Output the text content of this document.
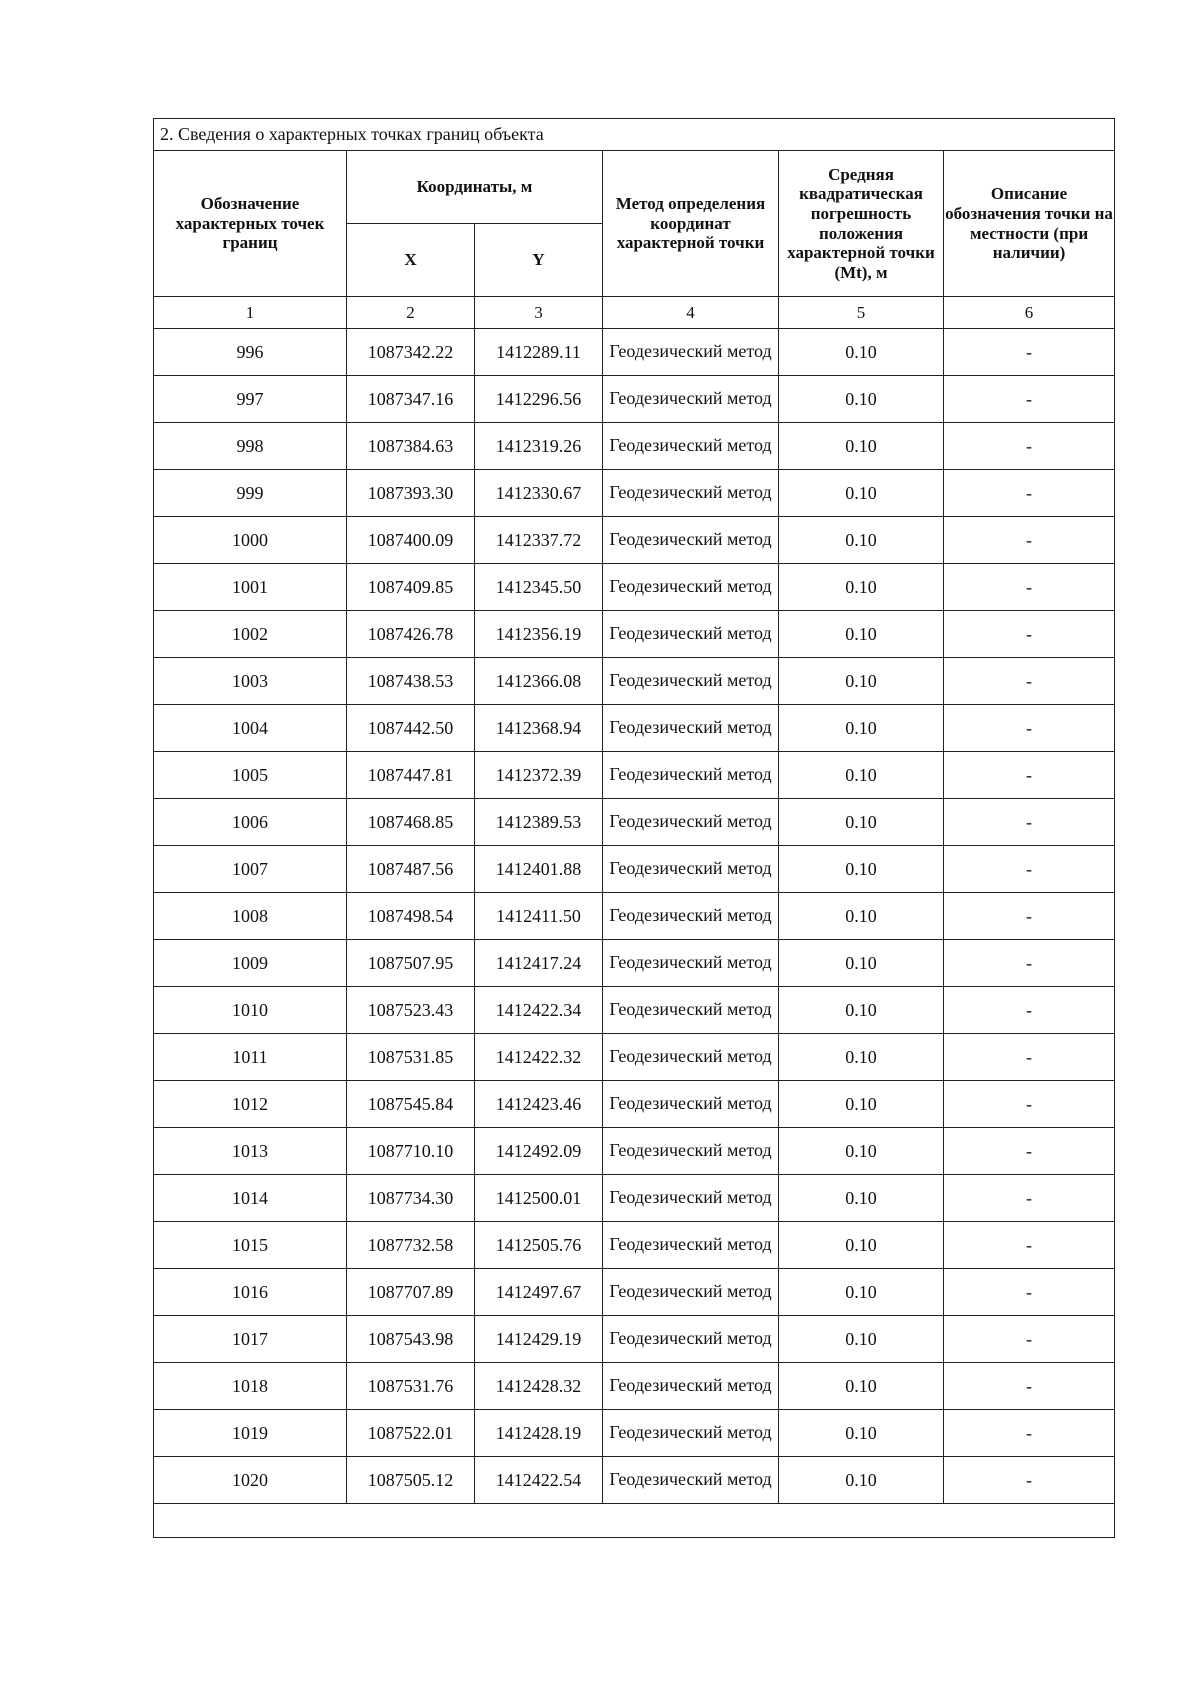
2. Сведения о характерных точках границ объекта					
Обозначение характерных точек границ	Координаты, м		Метод определения координат характерной точки	Средняя квадратическая погрешность положения характерной точки (Mt), м	Описание обозначения точки на местности (при наличии)
	X	Y			
1	2	3	4	5	6
996	1087342.22	1412289.11	Геодезический метод	0.10	-
997	1087347.16	1412296.56	Геодезический метод	0.10	-
998	1087384.63	1412319.26	Геодезический метод	0.10	-
999	1087393.30	1412330.67	Геодезический метод	0.10	-
1000	1087400.09	1412337.72	Геодезический метод	0.10	-
1001	1087409.85	1412345.50	Геодезический метод	0.10	-
1002	1087426.78	1412356.19	Геодезический метод	0.10	-
1003	1087438.53	1412366.08	Геодезический метод	0.10	-
1004	1087442.50	1412368.94	Геодезический метод	0.10	-
1005	1087447.81	1412372.39	Геодезический метод	0.10	-
1006	1087468.85	1412389.53	Геодезический метод	0.10	-
1007	1087487.56	1412401.88	Геодезический метод	0.10	-
1008	1087498.54	1412411.50	Геодезический метод	0.10	-
1009	1087507.95	1412417.24	Геодезический метод	0.10	-
1010	1087523.43	1412422.34	Геодезический метод	0.10	-
1011	1087531.85	1412422.32	Геодезический метод	0.10	-
1012	1087545.84	1412423.46	Геодезический метод	0.10	-
1013	1087710.10	1412492.09	Геодезический метод	0.10	-
1014	1087734.30	1412500.01	Геодезический метод	0.10	-
1015	1087732.58	1412505.76	Геодезический метод	0.10	-
1016	1087707.89	1412497.67	Геодезический метод	0.10	-
1017	1087543.98	1412429.19	Геодезический метод	0.10	-
1018	1087531.76	1412428.32	Геодезический метод	0.10	-
1019	1087522.01	1412428.19	Геодезический метод	0.10	-
1020	1087505.12	1412422.54	Геодезический метод	0.10	-
